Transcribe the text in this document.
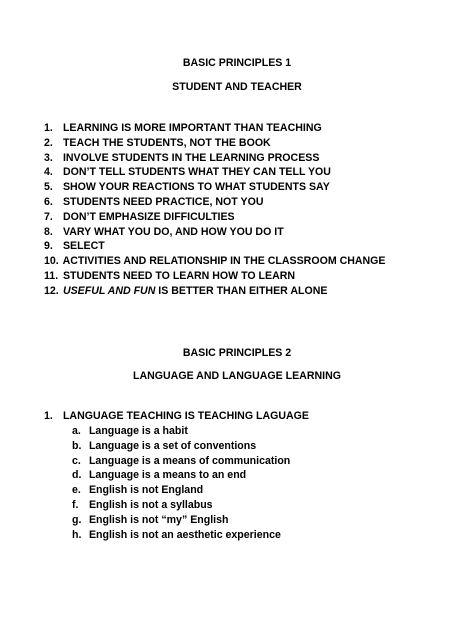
BASIC PRINCIPLES 1
STUDENT AND TEACHER
1. LEARNING IS MORE IMPORTANT THAN TEACHING
2. TEACH THE STUDENTS, NOT THE BOOK
3. INVOLVE STUDENTS IN THE LEARNING PROCESS
4. DON’T TELL STUDENTS WHAT THEY CAN TELL YOU
5. SHOW YOUR REACTIONS TO WHAT STUDENTS SAY
6. STUDENTS NEED PRACTICE, NOT YOU
7. DON’T EMPHASIZE DIFFICULTIES
8. VARY WHAT YOU DO, AND HOW YOU DO IT
9. SELECT
10. ACTIVITIES AND RELATIONSHIP IN THE CLASSROOM CHANGE
11. STUDENTS NEED TO LEARN HOW TO LEARN
12. USEFUL AND FUN IS BETTER THAN EITHER ALONE
BASIC PRINCIPLES 2
LANGUAGE AND LANGUAGE LEARNING
1. LANGUAGE TEACHING IS TEACHING LAGUAGE
a. Language is a habit
b. Language is a set of conventions
c. Language is a means of communication
d. Language is a means to an end
e. English is not England
f. English is not a syllabus
g. English is not “my” English
h. English is not an aesthetic experience
